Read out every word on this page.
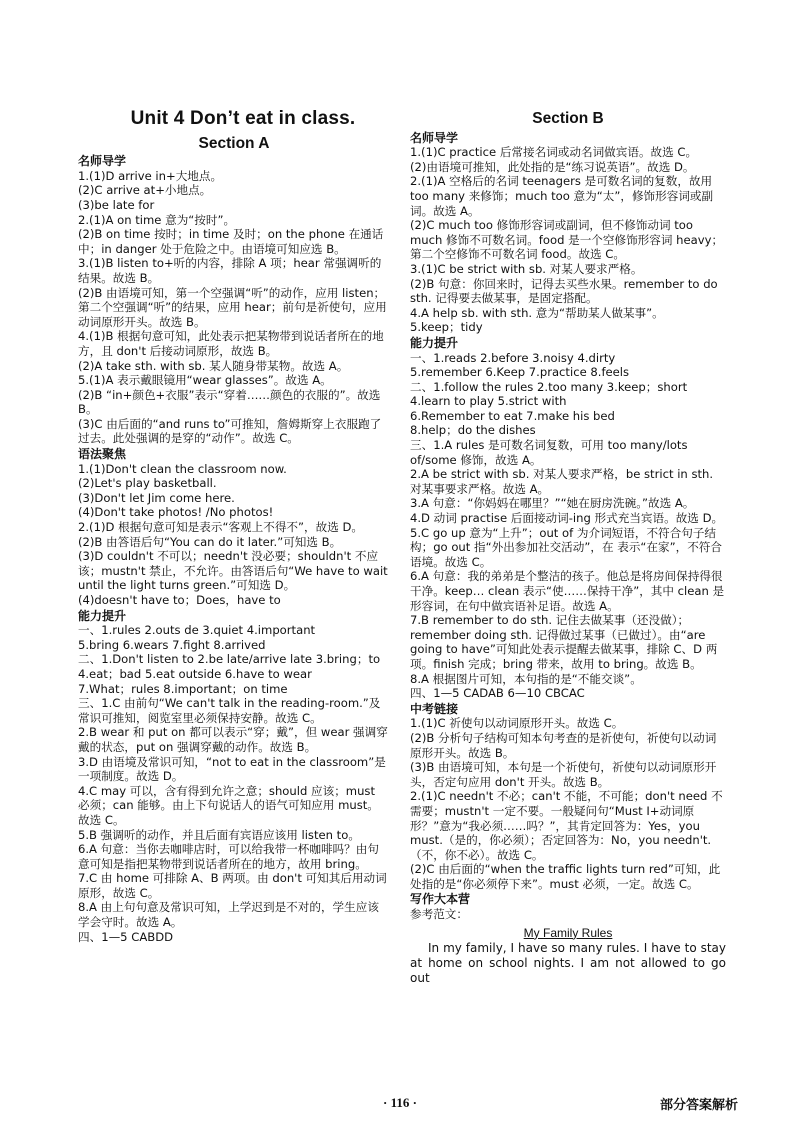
Unit 4 Don’t eat in class.
Section A
名师导学
1.(1)D arrive in+大地点。
(2)C arrive at+小地点。
(3)be late for
2.(1)A on time 意为“按时”。
(2)B on time 按时；in time 及时；on the phone 在通话中；in danger 处于危险之中。由语境可知应选 B。
3.(1)B listen to+听的内容，排除 A 项；hear 常强调听的结果。故选 B。
(2)B 由语境可知，第一个空强调“听”的动作，应用 listen；第二个空强调“听”的结果，应用 hear；前句是祈使句，应用动词原形开头。故选 B。
4.(1)B 根据句意可知，此处表示把某物带到说话者所在的地方，且 don't 后接动词原形，故选 B。
(2)A take sth. with sb. 某人随身带某物。故选 A。
5.(1)A 表示戴眼镜用“wear glasses”。故选 A。
(2)B “in+颜色+衣服”表示“穿着……颜色的衣服的”。故选 B。
(3)C 由后面的“and runs to”可推知，詹姆斯穿上衣服跑了过去。此处强调的是穿的“动作”。故选 C。
语法聚焦
1.(1)Don't clean the classroom now.
(2)Let's play basketball.
(3)Don't let Jim come here.
(4)Don't take photos! /No photos!
2.(1)D 根据句意可知是表示“客观上不得不”，故选 D。
(2)B 由答语后句“You can do it later.”可知选 B。
(3)D couldn't 不可以；needn't 没必要；shouldn't 不应该；mustn't 禁止，不允许。由答语后句“We have to wait until the light turns green.”可知选 D。
(4)doesn't have to；Does，have to
能力提升
一、1.rules 2.outs de 3.quiet 4.important
5.bring 6.wears 7.fight 8.arrived
二、1.Don't listen to 2.be late/arrive late 3.bring；to
4.eat；bad 5.eat outside 6.have to wear
7.What；rules 8.important；on time
三、1.C 由前句“We can't talk in the reading-room.”及常识可推知，阅览室里必须保持安静。故选 C。
2.B wear 和 put on 都可以表示“穿；戴”，但 wear 强调穿戴的状态，put on 强调穿戴的动作。故选 B。
3.D 由语境及常识可知，“not to eat in the classroom”是一项制度。故选 D。
4.C may 可以，含有得到允许之意；should 应该；must 必须；can 能够。由上下句说话人的语气可知应用 must。故选 C。
5.B 强调听的动作，并且后面有宾语应该用 listen to。
6.A 句意：当你去咖啡店时，可以给我带一杯咖啡吗？由句意可知是指把某物带到说话者所在的地方，故用 bring。
7.C 由 home 可排除 A、B 两项。由 don't 可知其后用动词原形，故选 C。
8.A 由上句句意及常识可知，上学迟到是不对的，学生应该学会守时。故选 A。
四、1—5 CABDD
Section B
名师导学
1.(1)C practice 后常接名词或动名词做宾语。故选 C。
(2)由语境可推知，此处指的是“练习说英语”。故选 D。
2.(1)A 空格后的名词 teenagers 是可数名词的复数，故用 too many 来修饰；much too 意为“太”，修饰形容词或副词。故选 A。
(2)C much too 修饰形容词或副词，但不修饰动词 too much 修饰不可数名词。food 是一个空修饰形容词 heavy；第二个空修饰不可数名词 food。故选 C。
3.(1)C be strict with sb. 对某人要求严格。
(2)B 句意：你回来时，记得去买些水果。remember to do sth. 记得要去做某事，是固定搭配。
4.A help sb. with sth. 意为“帮助某人做某事”。
5.keep；tidy
能力提升
一、1.reads 2.before 3.noisy 4.dirty
5.remember 6.Keep 7.practice 8.feels
二、1.follow the rules 2.too many 3.keep；short
4.learn to play 5.strict with
6.Remember to eat 7.make his bed
8.help；do the dishes
三、1.A rules 是可数名词复数，可用 too many/lots of/some 修饰，故选 A。
2.A be strict with sb. 对某人要求严格，be strict in sth. 对某事要求严格。故选 A。
3.A 句意：“你妈妈在哪里？”“她在厨房洗碗。”故选 A。
4.D 动词 practise 后面接动词-ing 形式充当宾语。故选 D。
5.C go up 意为“上升”；out of 为介词短语，不符合句子结构；go out 指“外出参加社交活动”，在 表示“在家”，不符合语境。故选 C。
6.A 句意：我的弟弟是个整洁的孩子。他总是将房间保持得很干净。keep… clean 表示“使……保持干净”，其中 clean 是形容词，在句中做宾语补足语。故选 A。
7.B remember to do sth. 记住去做某事（还没做）；remember doing sth. 记得做过某事（已做过）。由“are going to have”可知此处表示提醒去做某事，排除 C、D 两项。finish 完成；bring 带来，故用 to bring。故选 B。
8.A 根据图片可知，本句指的是“不能交谈”。
四、1—5 CADAB 6—10 CBCAC
中考链接
1.(1)C 祈使句以动词原形开头。故选 C。
(2)B 分析句子结构可知本句考查的是祈使句，祈使句以动词原形开头。故选 B。
(3)B 由语境可知，本句是一个祈使句，祈使句以动词原形开头，否定句应用 don't 开头。故选 B。
2.(1)C needn't 不必；can't 不能，不可能；don't need 不需要；mustn't 一定不要。一般疑问句“Must I+动词原形？”意为“我必须……吗？”，其肯定回答为：Yes，you must.（是的，你必须）；否定回答为：No，you needn't.（不，你不必）。故选 C。
(2)C 由后面的“when the traffic lights turn red”可知，此处指的是“你必须停下来”。must 必须，一定。故选 C。
写作大本营
参考范文：
My Family Rules
In my family, I have so many rules. I have to stay at home on school nights. I am not allowed to go out
· 116 ·	部分答案解析
